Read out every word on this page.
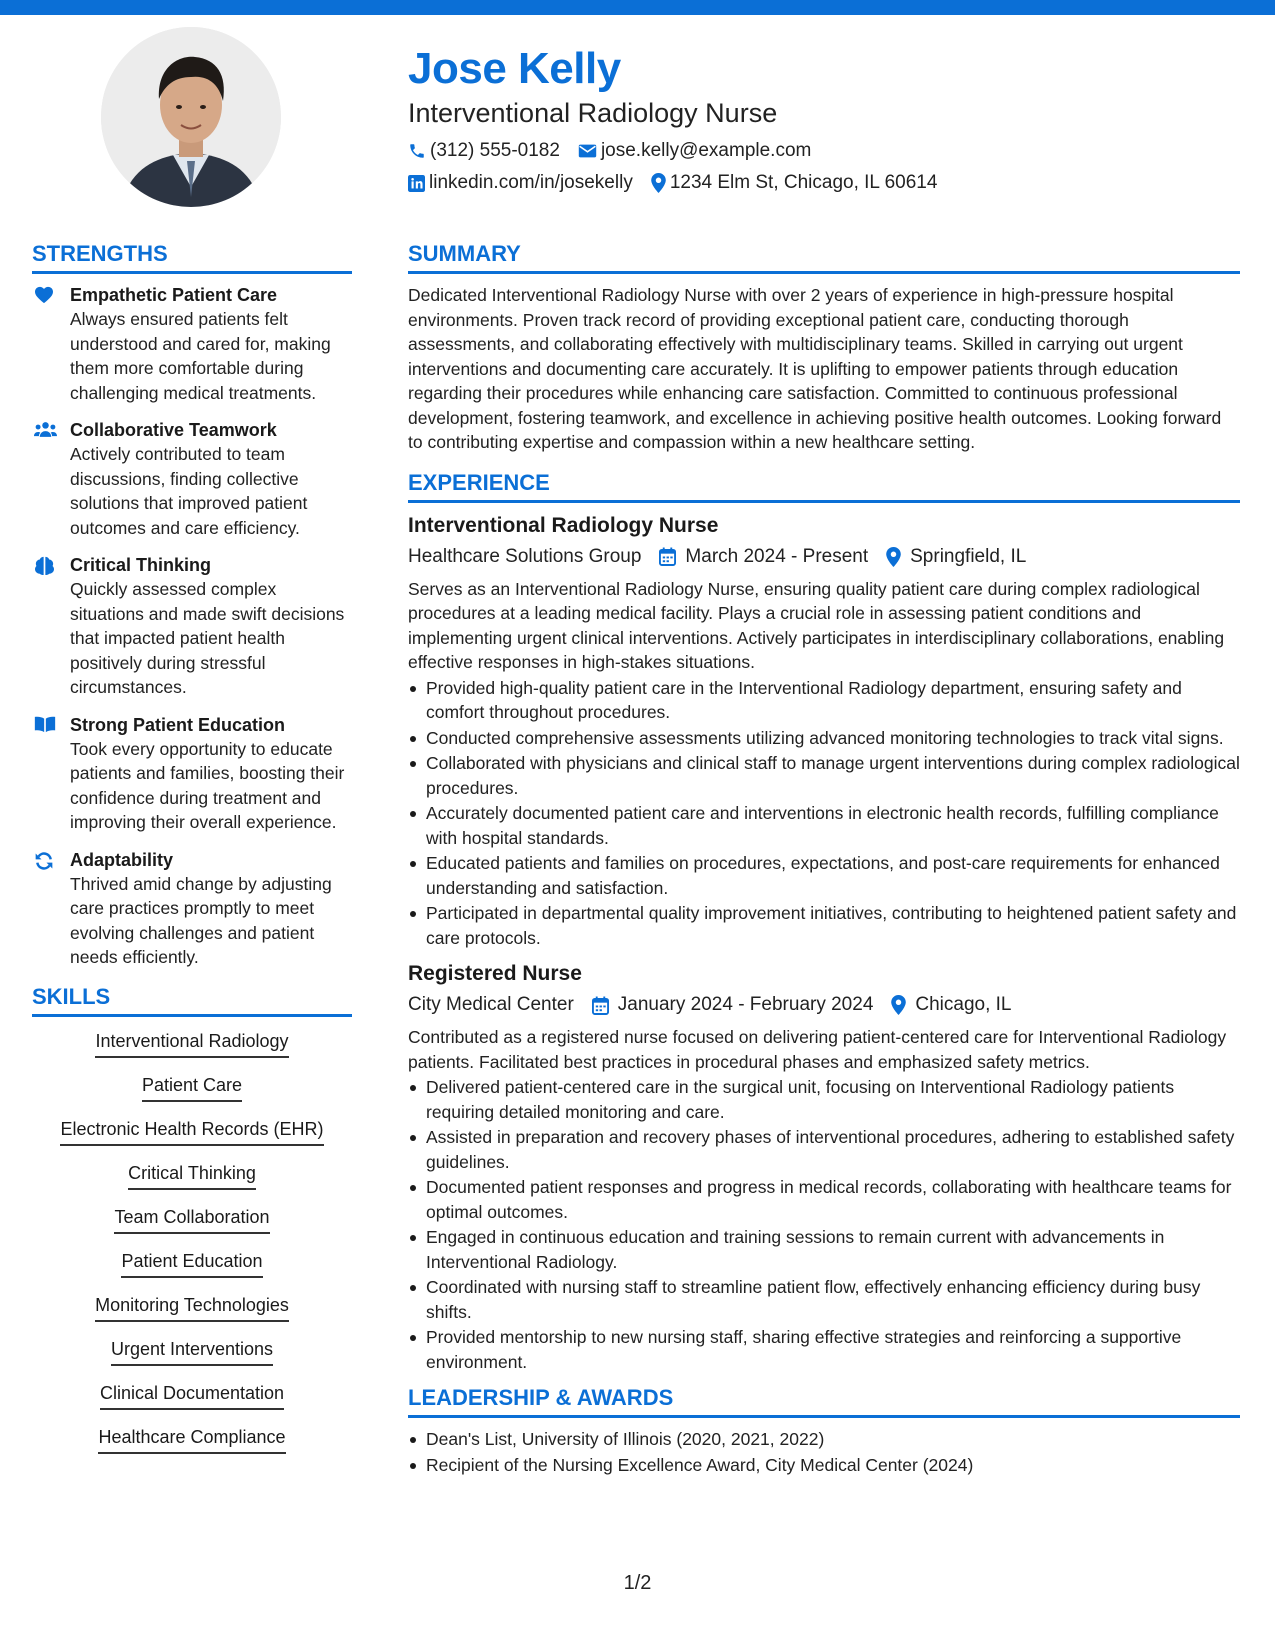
Jose Kelly
Interventional Radiology Nurse
(312) 555-0182 jose.kelly@example.com
linkedin.com/in/josekelly 1234 Elm St, Chicago, IL 60614
STRENGTHS
Empathetic Patient Care
Always ensured patients felt understood and cared for, making them more comfortable during challenging medical treatments.
Collaborative Teamwork
Actively contributed to team discussions, finding collective solutions that improved patient outcomes and care efficiency.
Critical Thinking
Quickly assessed complex situations and made swift decisions that impacted patient health positively during stressful circumstances.
Strong Patient Education
Took every opportunity to educate patients and families, boosting their confidence during treatment and improving their overall experience.
Adaptability
Thrived amid change by adjusting care practices promptly to meet evolving challenges and patient needs efficiently.
SKILLS
Interventional Radiology
Patient Care
Electronic Health Records (EHR)
Critical Thinking
Team Collaboration
Patient Education
Monitoring Technologies
Urgent Interventions
Clinical Documentation
Healthcare Compliance
SUMMARY
Dedicated Interventional Radiology Nurse with over 2 years of experience in high-pressure hospital environments. Proven track record of providing exceptional patient care, conducting thorough assessments, and collaborating effectively with multidisciplinary teams. Skilled in carrying out urgent interventions and documenting care accurately. It is uplifting to empower patients through education regarding their procedures while enhancing care satisfaction. Committed to continuous professional development, fostering teamwork, and excellence in achieving positive health outcomes. Looking forward to contributing expertise and compassion within a new healthcare setting.
EXPERIENCE
Interventional Radiology Nurse
Healthcare Solutions Group March 2024 - Present Springfield, IL
Serves as an Interventional Radiology Nurse, ensuring quality patient care during complex radiological procedures at a leading medical facility. Plays a crucial role in assessing patient conditions and implementing urgent clinical interventions. Actively participates in interdisciplinary collaborations, enabling effective responses in high-stakes situations.
Provided high-quality patient care in the Interventional Radiology department, ensuring safety and comfort throughout procedures.
Conducted comprehensive assessments utilizing advanced monitoring technologies to track vital signs.
Collaborated with physicians and clinical staff to manage urgent interventions during complex radiological procedures.
Accurately documented patient care and interventions in electronic health records, fulfilling compliance with hospital standards.
Educated patients and families on procedures, expectations, and post-care requirements for enhanced understanding and satisfaction.
Participated in departmental quality improvement initiatives, contributing to heightened patient safety and care protocols.
Registered Nurse
City Medical Center January 2024 - February 2024 Chicago, IL
Contributed as a registered nurse focused on delivering patient-centered care for Interventional Radiology patients. Facilitated best practices in procedural phases and emphasized safety metrics.
Delivered patient-centered care in the surgical unit, focusing on Interventional Radiology patients requiring detailed monitoring and care.
Assisted in preparation and recovery phases of interventional procedures, adhering to established safety guidelines.
Documented patient responses and progress in medical records, collaborating with healthcare teams for optimal outcomes.
Engaged in continuous education and training sessions to remain current with advancements in Interventional Radiology.
Coordinated with nursing staff to streamline patient flow, effectively enhancing efficiency during busy shifts.
Provided mentorship to new nursing staff, sharing effective strategies and reinforcing a supportive environment.
LEADERSHIP & AWARDS
Dean's List, University of Illinois (2020, 2021, 2022)
Recipient of the Nursing Excellence Award, City Medical Center (2024)
1/2
